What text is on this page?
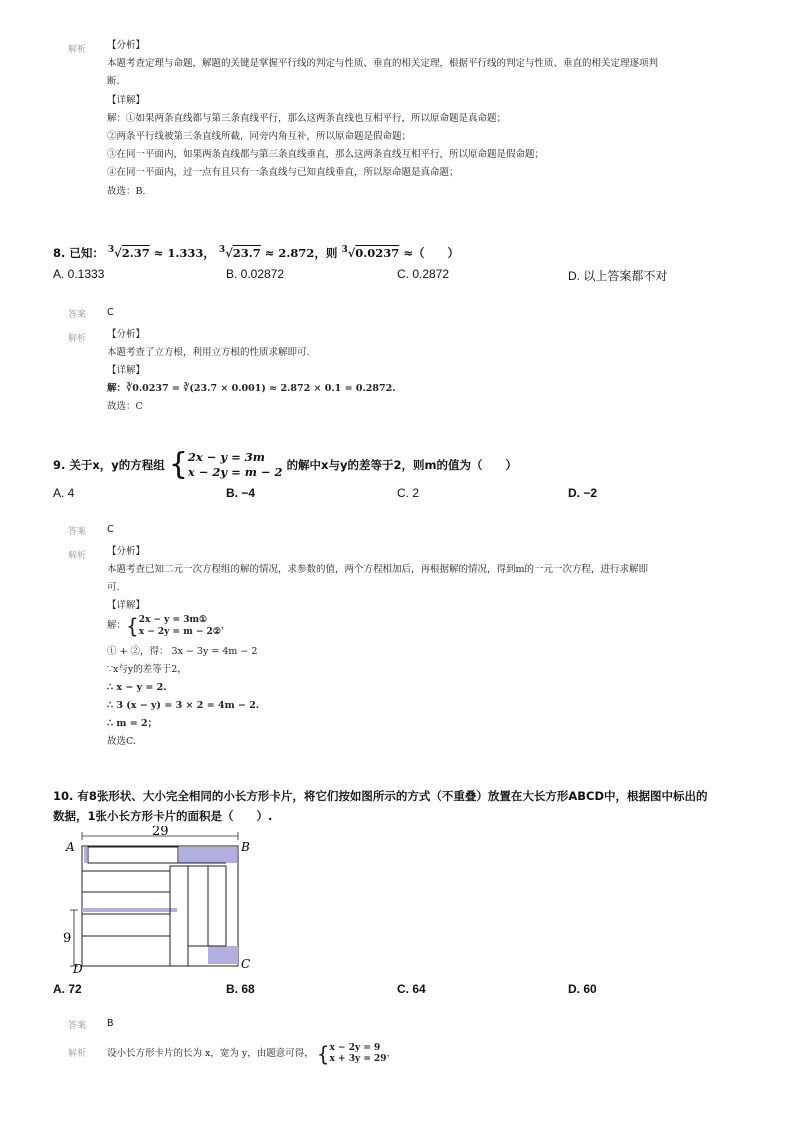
解析 【分析】
本题考查定理与命题，解题的关键是掌握平行线的判定与性质、垂直的相关定理，根据平行线的判定与性质、垂直的相关定理逐项判
断.
【详解】
解：①如果两条直线都与第三条直线平行，那么这两条直线也互相平行，所以原命题是真命题；
②两条平行线被第三条直线所截，同旁内角互补，所以原命题是假命题；
③在同一平面内，如果两条直线都与第三条直线垂直，那么这两条直线互相平行，所以原命题是假命题；
④在同一平面内，过一点有且只有一条直线与已知直线垂直，所以原命题是真命题；
故选：B.
8. 已知： $^3$√2.37 ≈ 1.333， $^3$√23.7 ≈ 2.872，则 $^3$√0.0237 ≈（　　）
A. 0.1333	B. 0.02872	C. 0.2872	D. 以上答案都不对
答案 C
解析 【分析】
本题考查了立方根，利用立方根的性质求解即可.
【详解】
解：∛0.0237 = ∛(23.7 × 0.001) ≈ 2.872 × 0.1 = 0.2872.
故选：C
9. 关于x，y的方程组 {2x − y = 3m
x − 2y = m − 2 的解中x与y的差等于2，则m的值为（　　）
A. 4	B. −4	C. 2	D. −2
答案 C
解析 【分析】
本题考查已知二元一次方程组的解的情况，求参数的值，两个方程相加后，再根据解的情况，得到m的一元一次方程，进行求解即
可.
【详解】
解：{2x − y = 3m①
x − 2y = m − 2②，
① + ②，得： 3x − 3y = 4m − 2
∵x与y的差等于2，
∴ x − y = 2.
∴ 3 (x − y) = 3 × 2 = 4m − 2.
∴ m = 2；
故选C.
10. 有8张形状、大小完全相同的小长方形卡片，将它们按如图所示的方式（不重叠）放置在大长方形ABCD中，根据图中标出的
数据，1张小长方形卡片的面积是（　　）.
29
9
A	B
C
D
A. 72	B. 68	C. 64	D. 60
答案 B
解析 设小长方形卡片的长为 x，宽为 y，由题意可得， {x − 2y = 9
x + 3y = 29，
